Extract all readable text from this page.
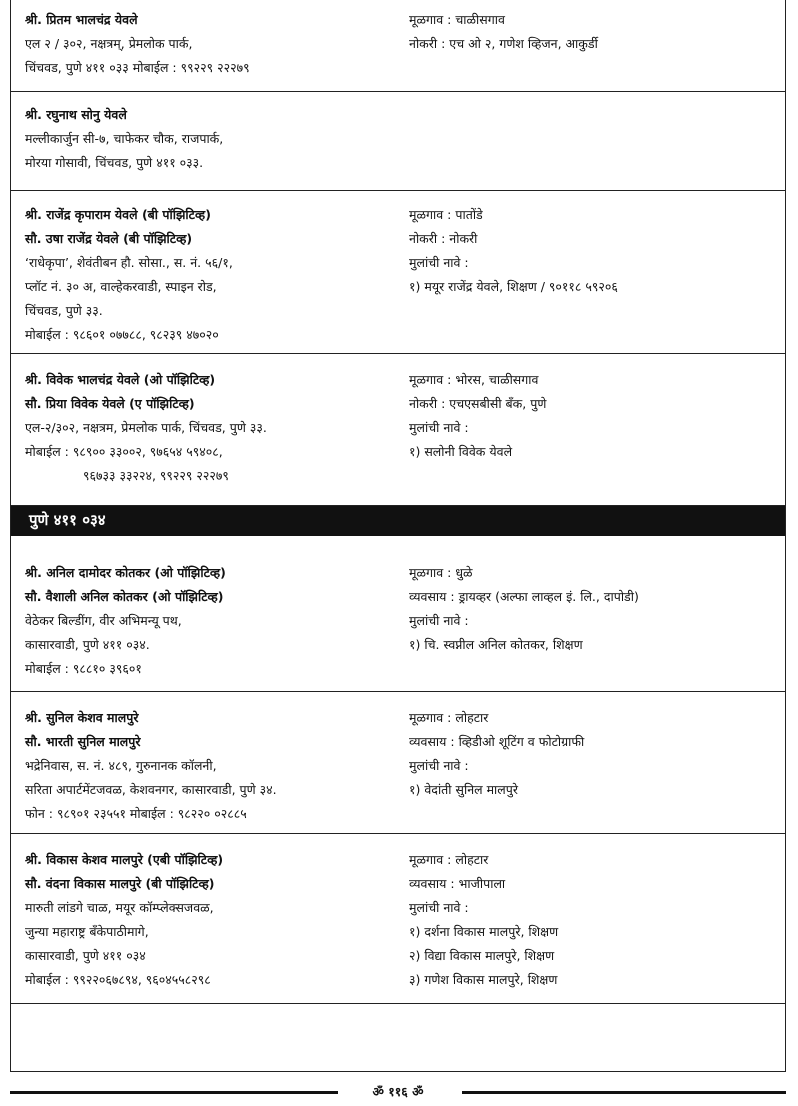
श्री. प्रितम भालचंद्र येवले
एल २ / ३०२, नक्षत्रम्‌, प्रेमलोक पार्क,
चिंचवड, पुणे ४११ ०३३ मोबाईल : ९९२२९ २२२७९
मूळगाव : चाळीसगाव
नोकरी : एच ओ २, गणेश व्हिजन, आकुर्डी
श्री. रघुनाथ सोनु येवले
मल्लीकार्जुन सी-७, चाफेकर चौक, राजपार्क,
मोरया गोसावी, चिंचवड, पुणे ४११ ०३३.
श्री. राजेंद्र कृपाराम येवले (बी पॉझिटिव्ह)
सौ. उषा राजेंद्र येवले (बी पॉझिटिव्ह)
‘राधेकृपा’, शेवंतीबन हौ. सोसा., स. नं. ५६/१,
प्लॉट नं. ३० अ, वाल्हेकरवाडी, स्पाइन रोड,
चिंचवड, पुणे ३३.
मोबाईल : ९८६०१ ०७७८८, ९८२३९ ४७०२०
मूळगाव : पातोंडे
नोकरी : नोकरी
मुलांची नावे :
१) मयूर राजेंद्र येवले, शिक्षण / ९०११८ ५९२०६
श्री. विवेक भालचंद्र येवले (ओ पॉझिटिव्ह)
सौ. प्रिया विवेक येवले (ए पॉझिटिव्ह)
एल-२/३०२, नक्षत्रम, प्रेमलोक पार्क, चिंचवड, पुणे ३३.
मोबाईल : ९८९०० ३३००२, ९७६५४ ५९४०८,
९६७३३ ३३२२४, ९९२२९ २२२७९
मूळगाव : भोरस, चाळीसगाव
नोकरी : एचएसबीसी बँक, पुणे
मुलांची नावे :
१) सलोनी विवेक येवले
पुणे ४११ ०३४
श्री. अनिल दामोदर कोतकर (ओ पॉझिटिव्ह)
सौ. वैशाली अनिल कोतकर (ओ पॉझिटिव्ह)
वेठेकर बिल्डींग, वीर अभिमन्यू पथ,
कासारवाडी, पुणे ४११ ०३४.
मोबाईल : ९८८१० ३९६०१
मूळगाव : धुळे
व्यवसाय : ड्रायव्हर (अल्फा लाव्हल इं. लि., दापोडी)
मुलांची नावे :
१) चि. स्वप्नील अनिल कोतकर, शिक्षण
श्री. सुनिल केशव मालपुरे
सौ. भारती सुनिल मालपुरे
भद्रेनिवास, स. नं. ४८९, गुरुनानक कॉलनी,
सरिता अपार्टमेंटजवळ, केशवनगर, कासारवाडी, पुणे ३४.
फोन : ९८९०१ २३५५१ मोबाईल : ९८२२० ०२८८५
मूळगाव : लोहटार
व्यवसाय : व्हिडीओ शूटिंग व फोटोग्राफी
मुलांची नावे :
१) वेदांती सुनिल मालपुरे
श्री. विकास केशव मालपुरे (एबी पॉझिटिव्ह)
सौ. वंदना विकास मालपुरे (बी पॉझिटिव्ह)
मारुती लांडगे चाळ, मयूर कॉम्प्लेक्सजवळ,
जुन्या महाराष्ट्र बँकेपाठीमागे,
कासारवाडी, पुणे ४११ ०३४
मोबाईल : ९९२२०६७८९४, ९६०४५५८२९८
मूळगाव : लोहटार
व्यवसाय : भाजीपाला
मुलांची नावे :
१) दर्शना विकास मालपुरे, शिक्षण
२) विद्या विकास मालपुरे, शिक्षण
३) गणेश विकास मालपुरे, शिक्षण
ॐ ११६ ॐ
